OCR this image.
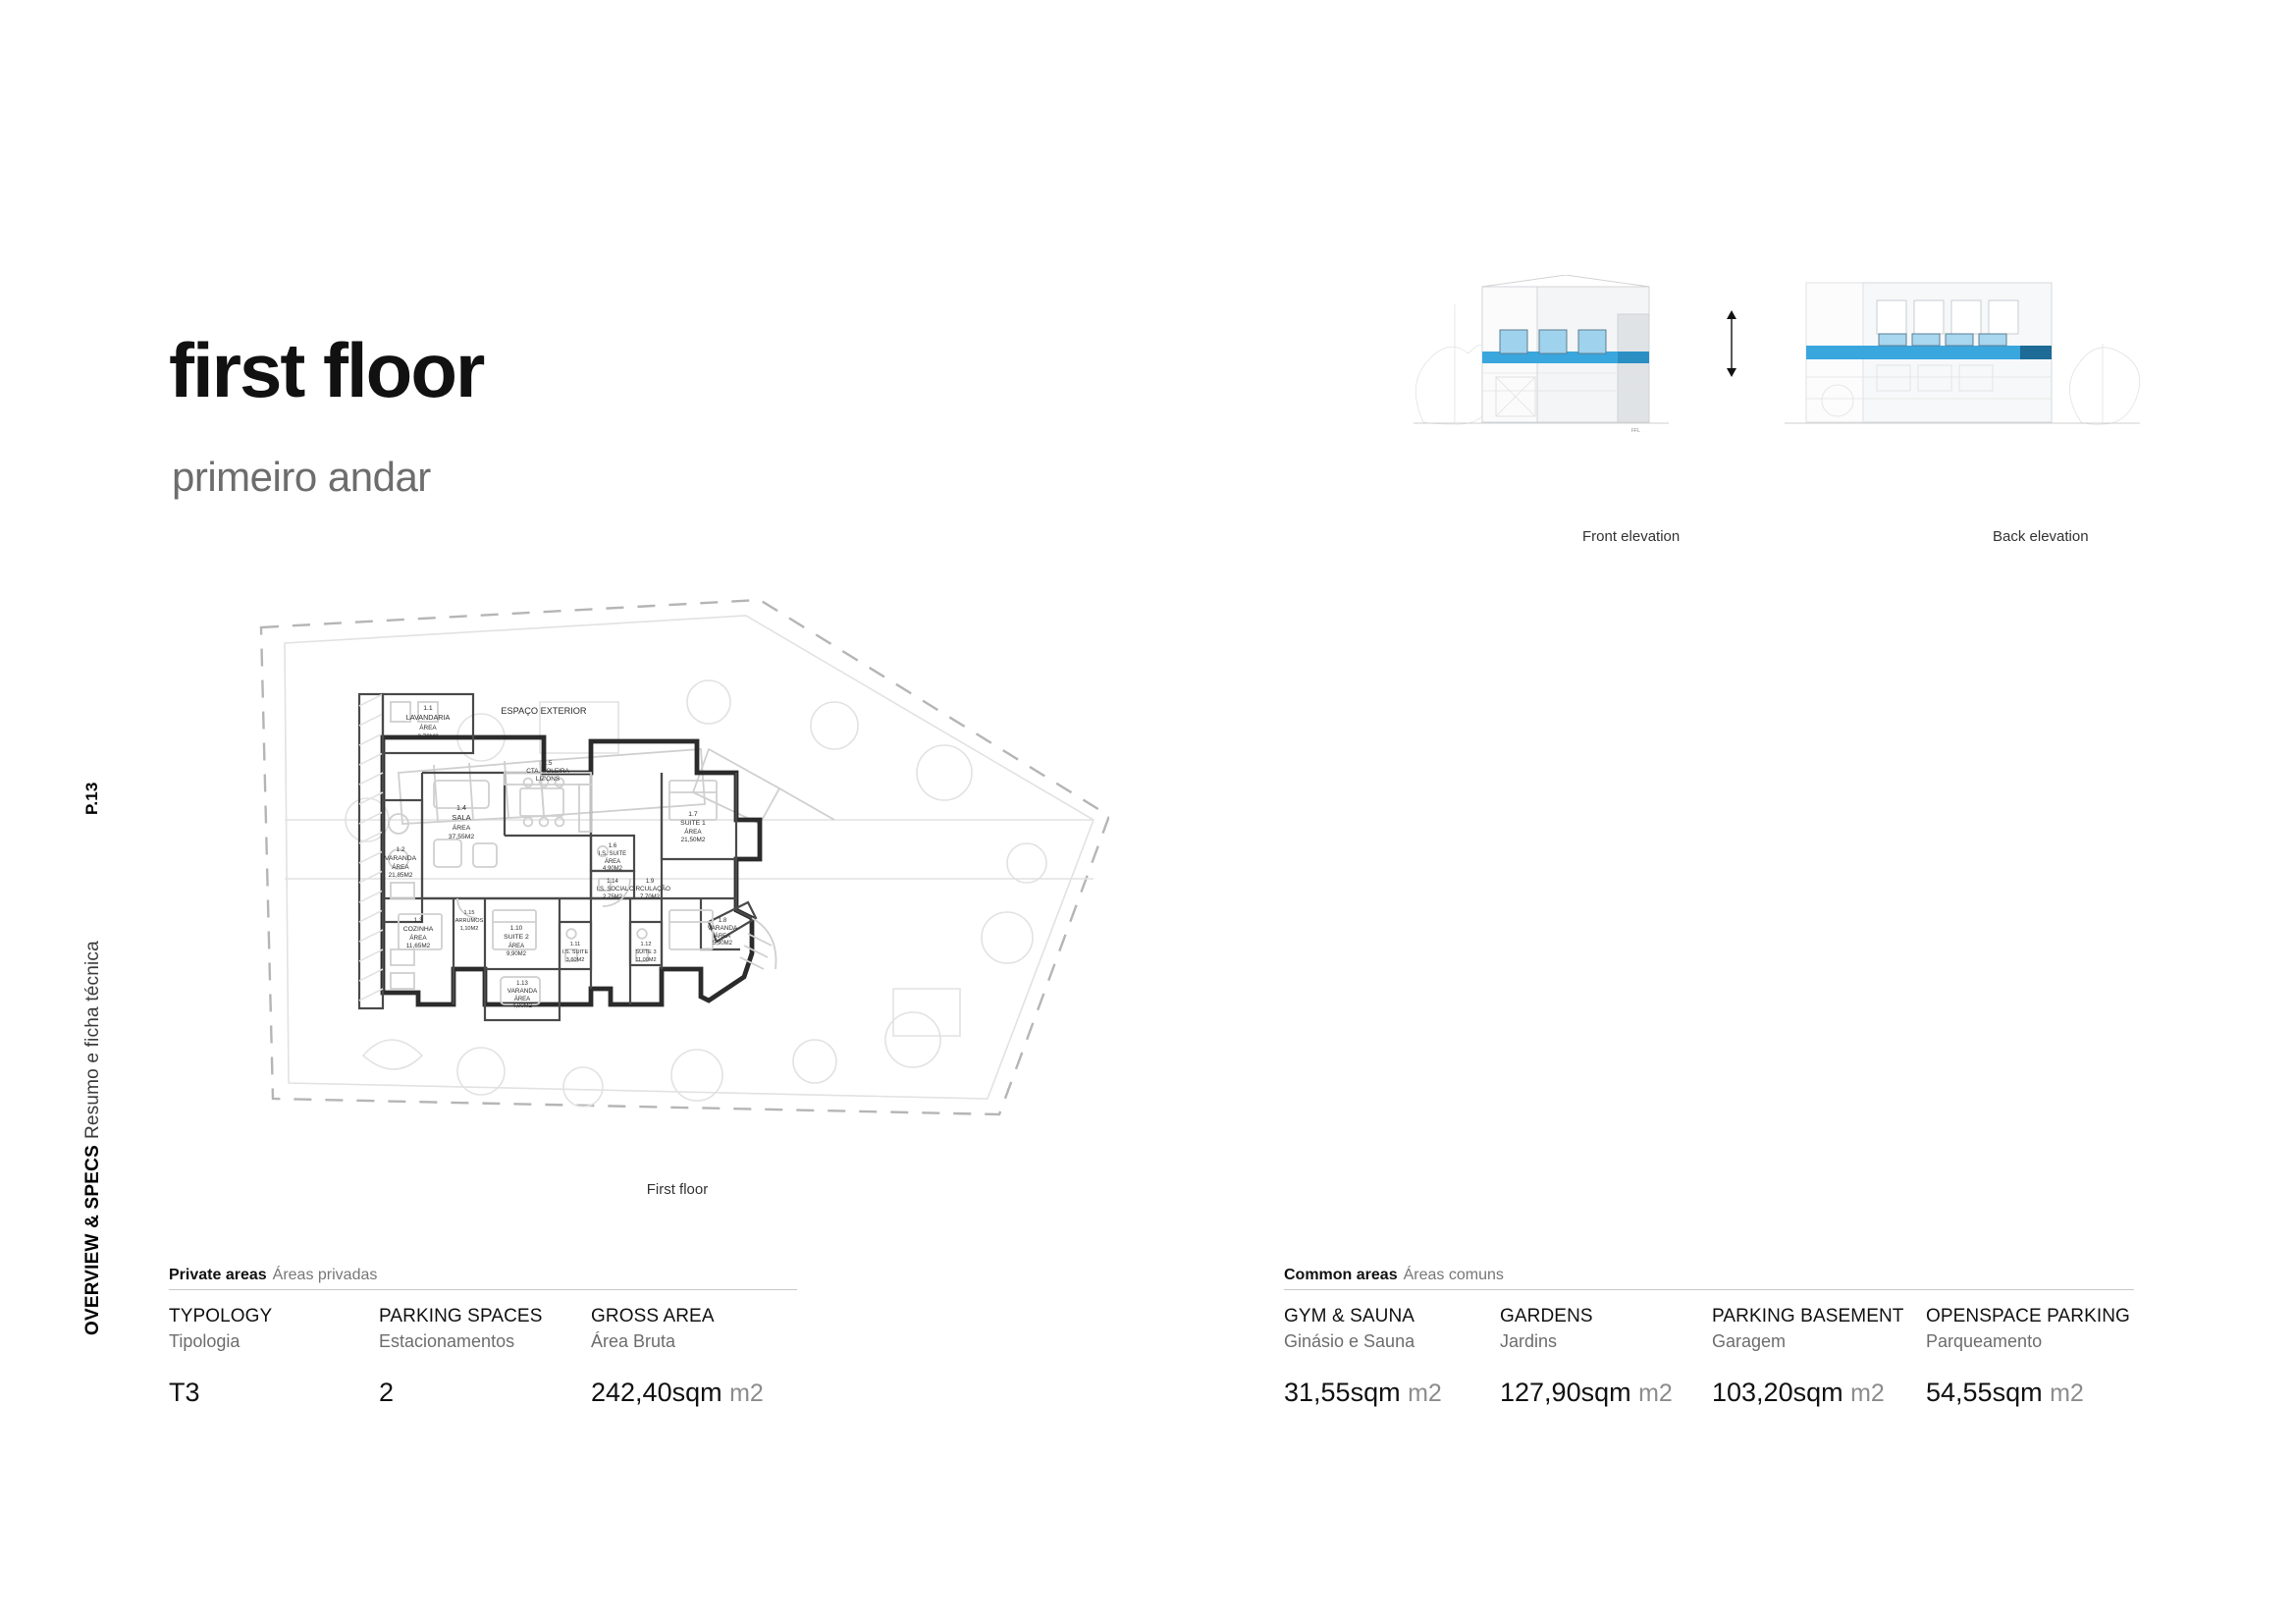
P.13
OVERVIEW & SPECS
Resumo e ficha técnica
first floor
primeiro andar
FFL
Front elevation	Back elevation
1.1
LAVANDARIA
ÁREA
3,70M2
1.4
SALA
ÁREA
37,55M2
1.5
CTA. SOLEIRA
LIZ'ONS
1.3
COZINHA
ÁREA
11,65M2
1.2
VARANDA
ÁREA
21,85M2
1.6
I.S. SUITE
ÁREA
4,90M2
1.14
I.S. SOCIAL
2,75M2
1.7
SUITE 1
ÁREA
21,50M2
1.8
VARANDA
ÁREA
5,90M2
1.9
CIRCULAÇÃO
7,70M2
1.10
SUITE 2
ÁREA
9,90M2
1.11
I.S. SUITE
3,60M2
1.12
SUITE 3
11,00M2
1.13
VARANDA
ÁREA
4,00M2
1.15
ARRUMOS
1,10M2
ESPAÇO EXTERIOR
First floor
Private areas Áreas privadas
TYPOLOGY
Tipologia
T3
PARKING SPACES
Estacionamentos
2
GROSS AREA
Área Bruta
242,40sqm m2
Common areas Áreas comuns
GYM & SAUNA
Ginásio e Sauna
31,55sqm m2
GARDENS
Jardins
127,90sqm m2
PARKING BASEMENT
Garagem
103,20sqm m2
OPENSPACE PARKING
Parqueamento
54,55sqm m2
